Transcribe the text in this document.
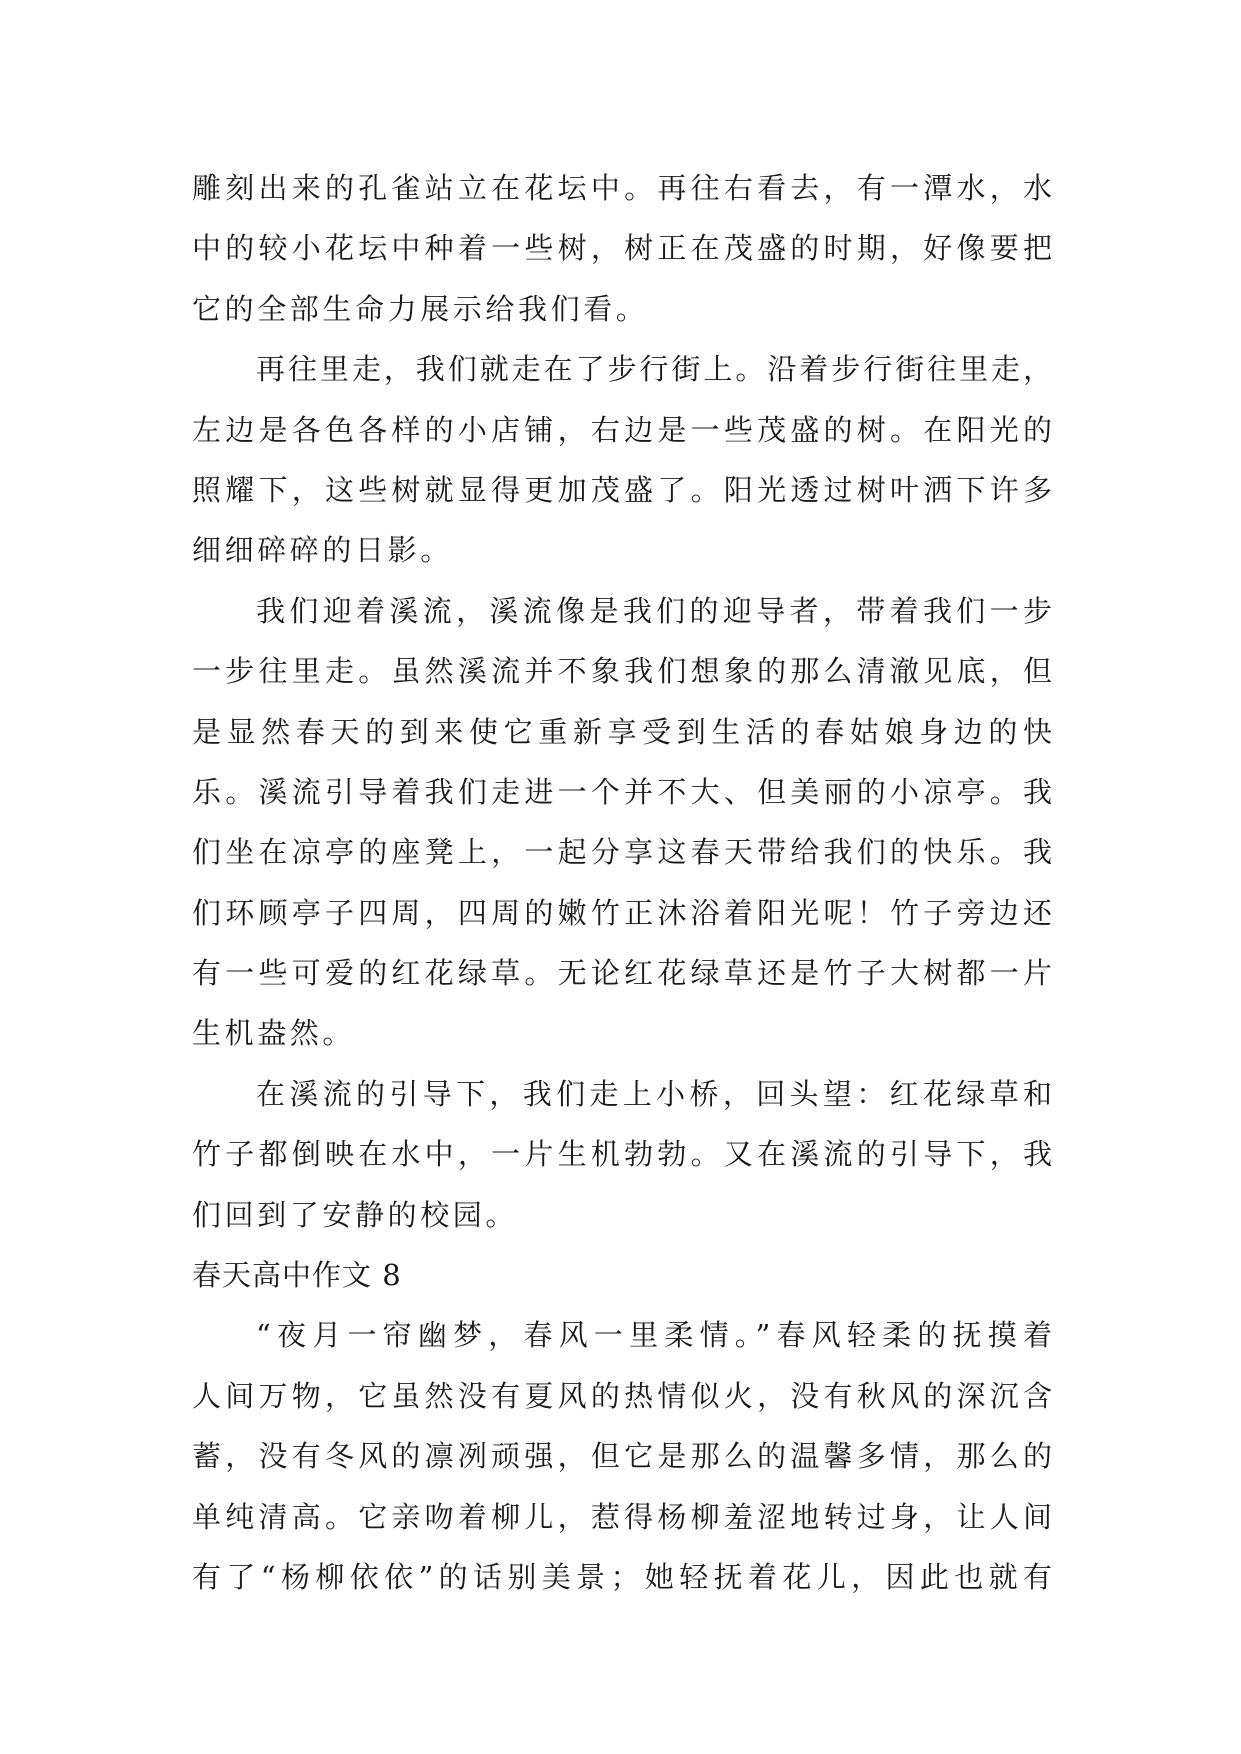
雕刻出来的孔雀站立在花坛中。再往右看去，有一潭水，水
中的较小花坛中种着一些树，树正在茂盛的时期，好像要把
它的全部生命力展示给我们看。
再往里走，我们就走在了步行街上。沿着步行街往里走，
左边是各色各样的小店铺，右边是一些茂盛的树。在阳光的
照耀下，这些树就显得更加茂盛了。阳光透过树叶洒下许多
细细碎碎的日影。
我们迎着溪流，溪流像是我们的迎导者，带着我们一步
一步往里走。虽然溪流并不象我们想象的那么清澈见底，但
是显然春天的到来使它重新享受到生活的春姑娘身边的快
乐。溪流引导着我们走进一个并不大、但美丽的小凉亭。我
们坐在凉亭的座凳上，一起分享这春天带给我们的快乐。我
们环顾亭子四周，四周的嫩竹正沐浴着阳光呢！竹子旁边还
有一些可爱的红花绿草。无论红花绿草还是竹子大树都一片
生机盎然。
在溪流的引导下，我们走上小桥，回头望：红花绿草和
竹子都倒映在水中，一片生机勃勃。又在溪流的引导下，我
们回到了安静的校园。
春天高中作文 8
“夜月一帘幽梦，春风一里柔情。”春风轻柔的抚摸着
人间万物，它虽然没有夏风的热情似火，没有秋风的深沉含
蓄，没有冬风的凛冽顽强，但它是那么的温馨多情，那么的
单纯清高。它亲吻着柳儿，惹得杨柳羞涩地转过身，让人间
有了“杨柳依依”的话别美景；她轻抚着花儿，因此也就有
